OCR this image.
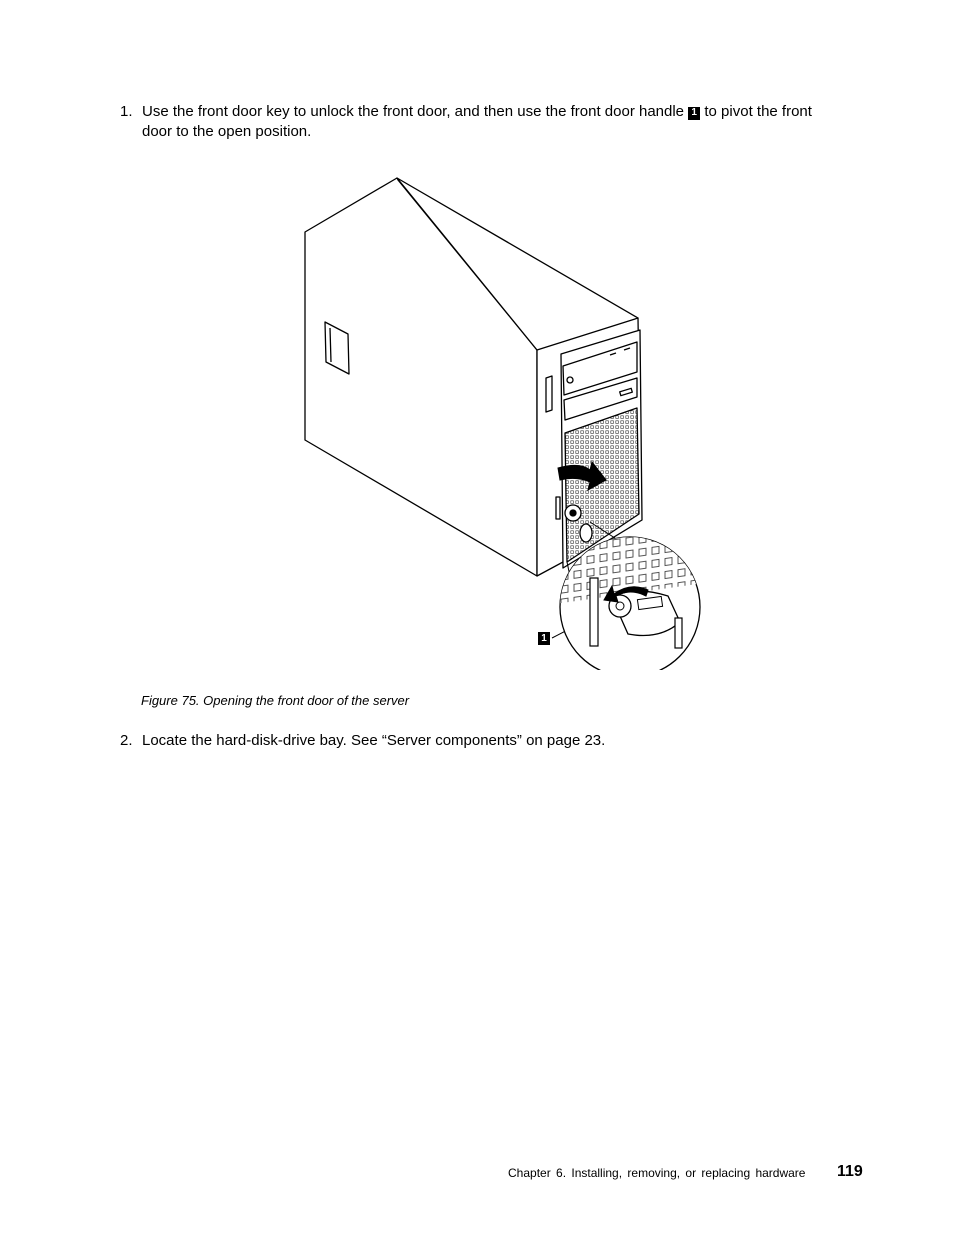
1. Use the front door key to unlock the front door, and then use the front door handle 1 to pivot the front door to the open position.
1
Figure 75. Opening the front door of the server
2. Locate the hard-disk-drive bay. See “Server components” on page 23.
Chapter 6. Installing, removing, or replacing hardware 119
